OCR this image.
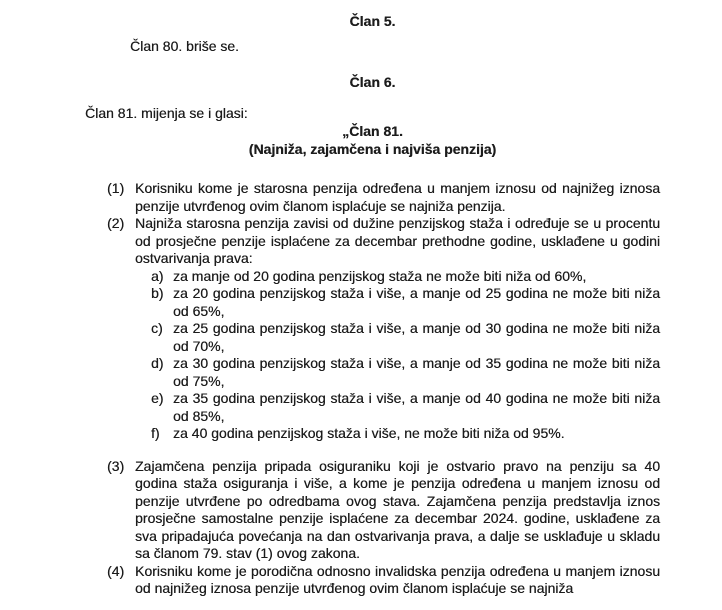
Član 5.
Član 80. briše se.
Član 6.
Član 81. mijenja se i glasi:
„Član 81.
(Najniža, zajamčena i najviša penzija)
(1) Korisniku kome je starosna penzija određena u manjem iznosu od najnižeg iznosa penzije utvrđenog ovim članom isplaćuje se najniža penzija.
(2) Najniža starosna penzija zavisi od dužine penzijskog staža i određuje se u procentu od prosječne penzije isplaćene za decembar prethodne godine, usklađene u godini ostvarivanja prava:
a) za manje od 20 godina penzijskog staža ne može biti niža od 60%,
b) za 20 godina penzijskog staža i više, a manje od 25 godina ne može biti niža od 65%,
c) za 25 godina penzijskog staža i više, a manje od 30 godina ne može biti niža od 70%,
d) za 30 godina penzijskog staža i više, a manje od 35 godina ne može biti niža od 75%,
e) za 35 godina penzijskog staža i više, a manje od 40 godina ne može biti niža od 85%,
f) za 40 godina penzijskog staža i više, ne može biti niža od 95%.
(3) Zajamčena penzija pripada osiguraniku koji je ostvario pravo na penziju sa 40 godina staža osiguranja i više, a kome je penzija određena u manjem iznosu od penzije utvrđene po odredbama ovog stava. Zajamčena penzija predstavlja iznos prosječne samostalne penzije isplaćene za decembar 2024. godine, usklađene za sva pripadajuća povećanja na dan ostvarivanja prava, a dalje se usklađuje u skladu sa članom 79. stav (1) ovog zakona.
(4) Korisniku kome je porodična odnosno invalidska penzija određena u manjem iznosu od najnižeg iznosa penzije utvrđenog ovim članom isplaćuje se najniža
